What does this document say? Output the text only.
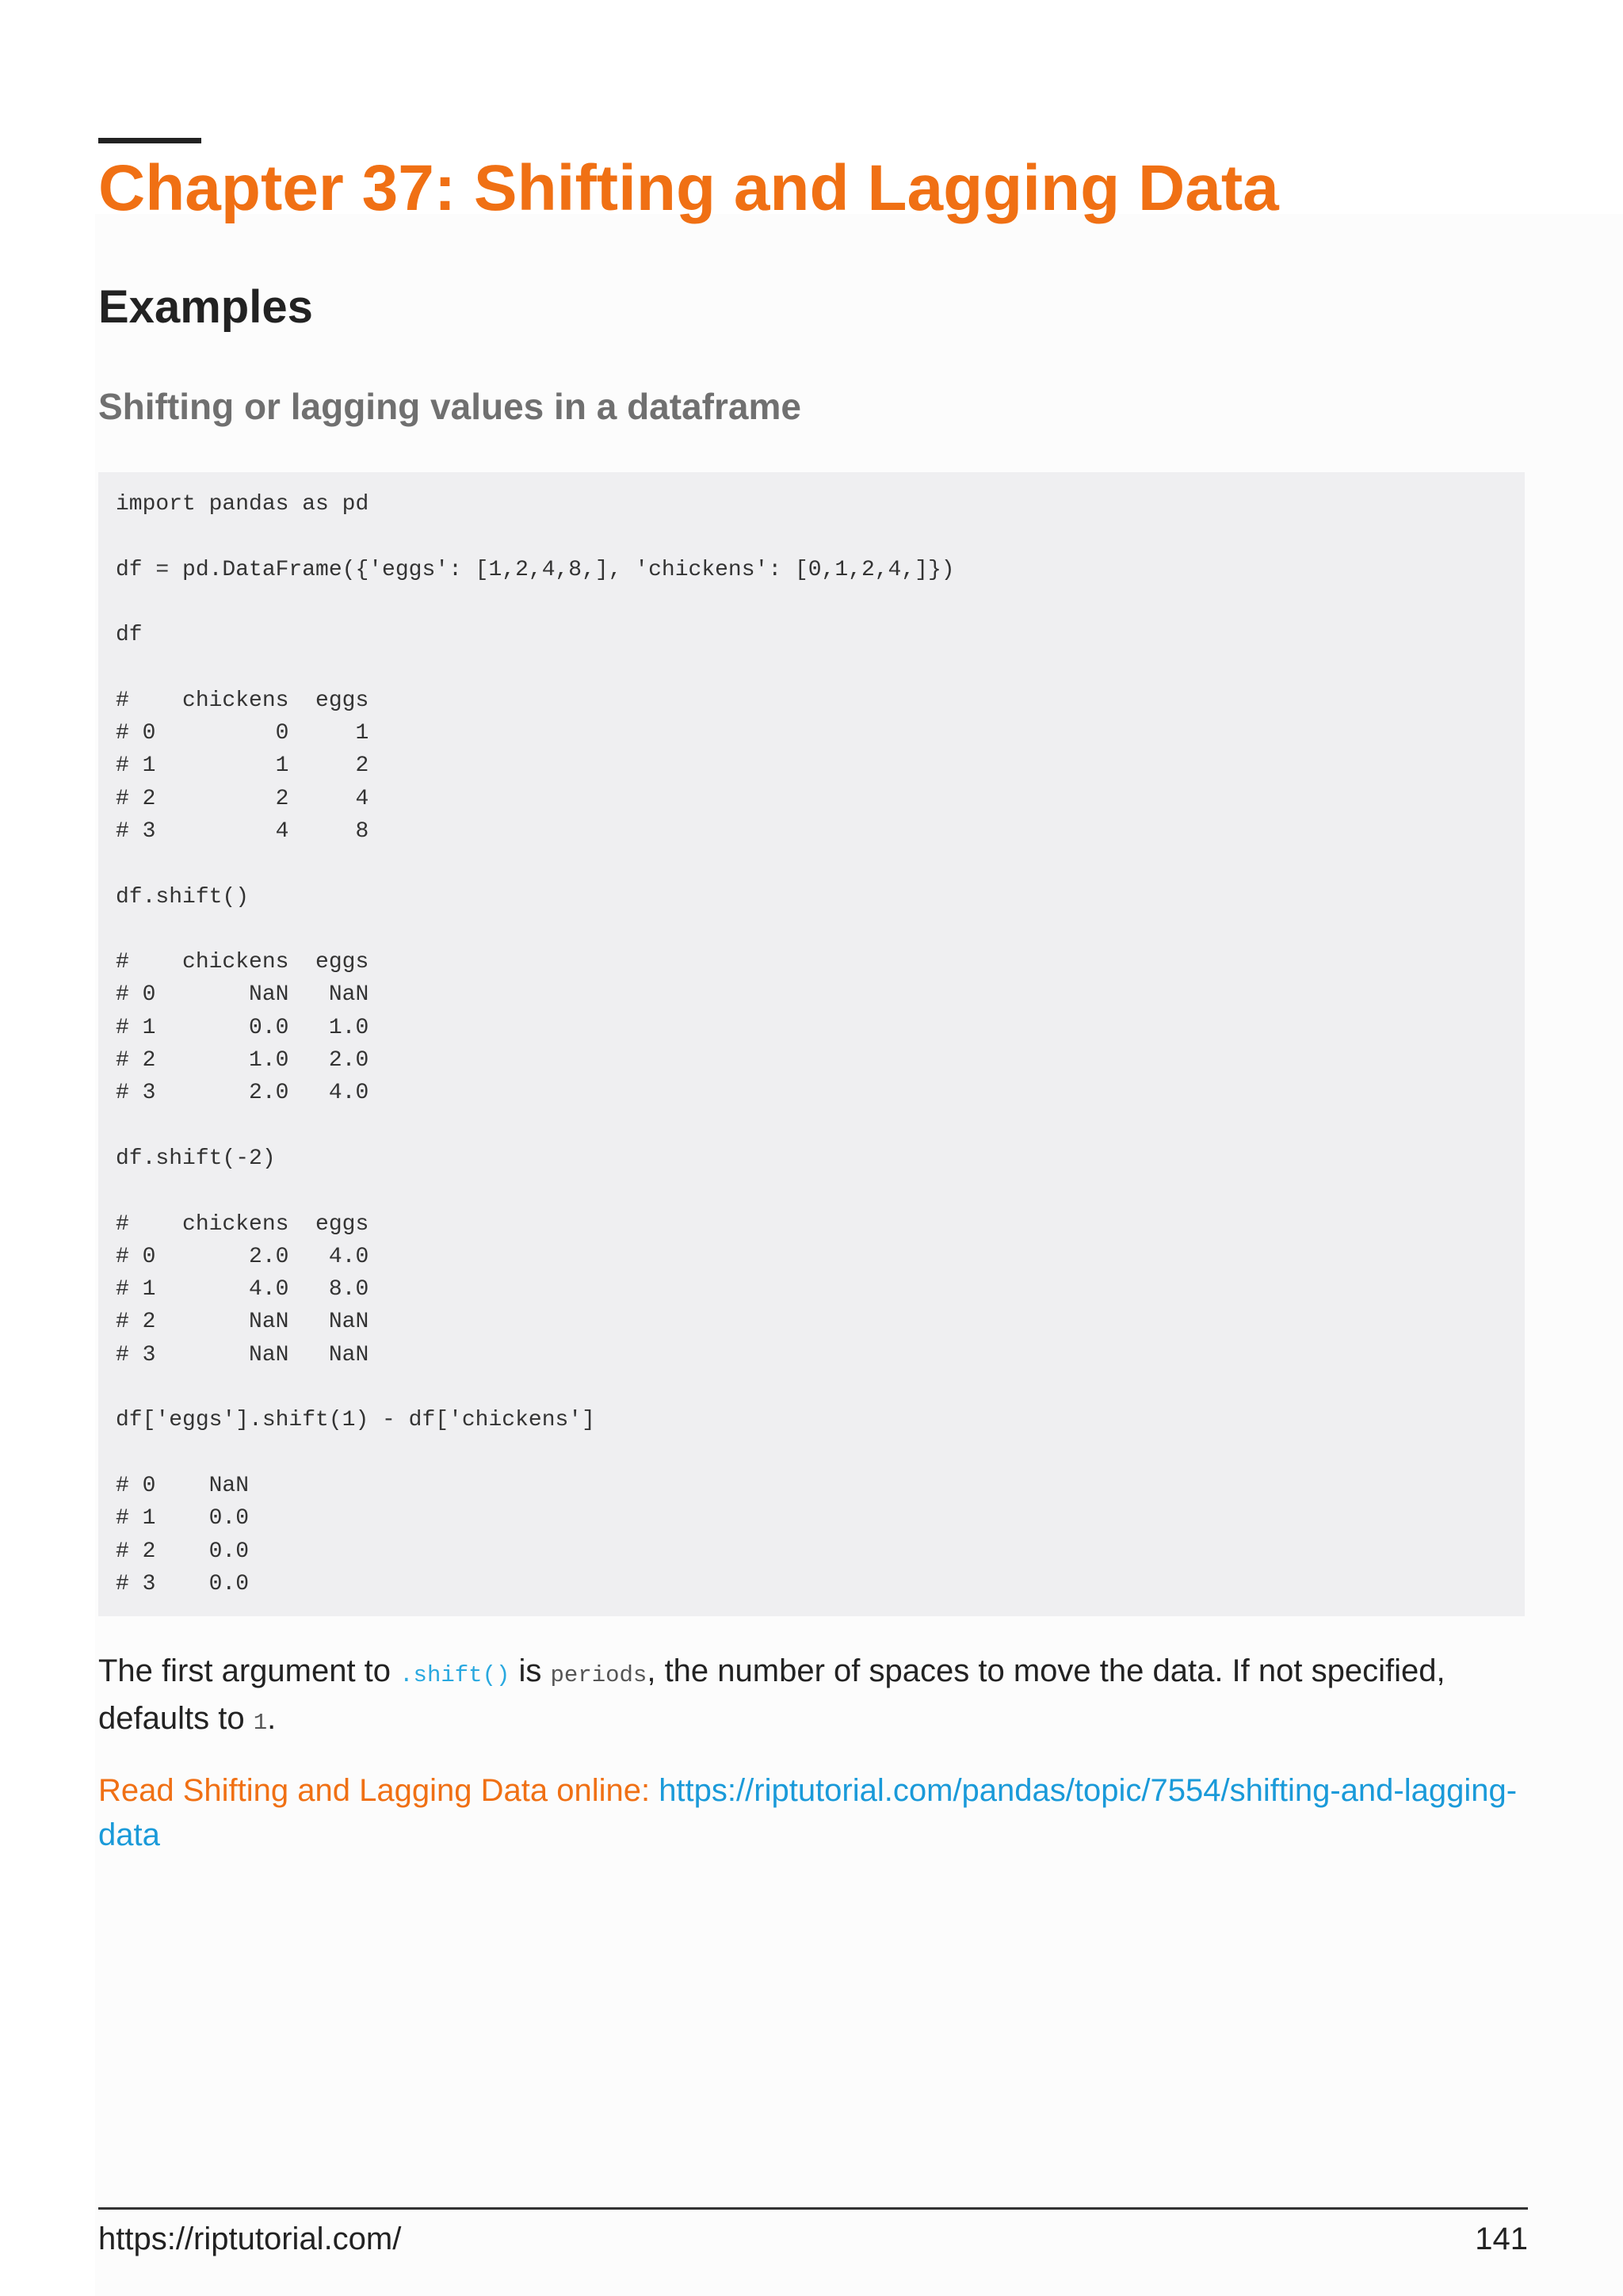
Chapter 37: Shifting and Lagging Data
Examples
Shifting or lagging values in a dataframe
import pandas as pd
df = pd.DataFrame({'eggs': [1,2,4,8,], 'chickens': [0,1,2,4,]})
df
#    chickens  eggs
# 0         0     1
# 1         1     2
# 2         2     4
# 3         4     8
df.shift()
#    chickens  eggs
# 0       NaN   NaN
# 1       0.0   1.0
# 2       1.0   2.0
# 3       2.0   4.0
df.shift(-2)
#    chickens  eggs
# 0       2.0   4.0
# 1       4.0   8.0
# 2       NaN   NaN
# 3       NaN   NaN
df['eggs'].shift(1) - df['chickens']
# 0    NaN
# 1    0.0
# 2    0.0
# 3    0.0

The first argument to .shift() is periods, the number of spaces to move the data. If not specified, defaults to 1.

Read Shifting and Lagging Data online: https://riptutorial.com/pandas/topic/7554/shifting-and-lagging-data

https://riptutorial.com/	141
